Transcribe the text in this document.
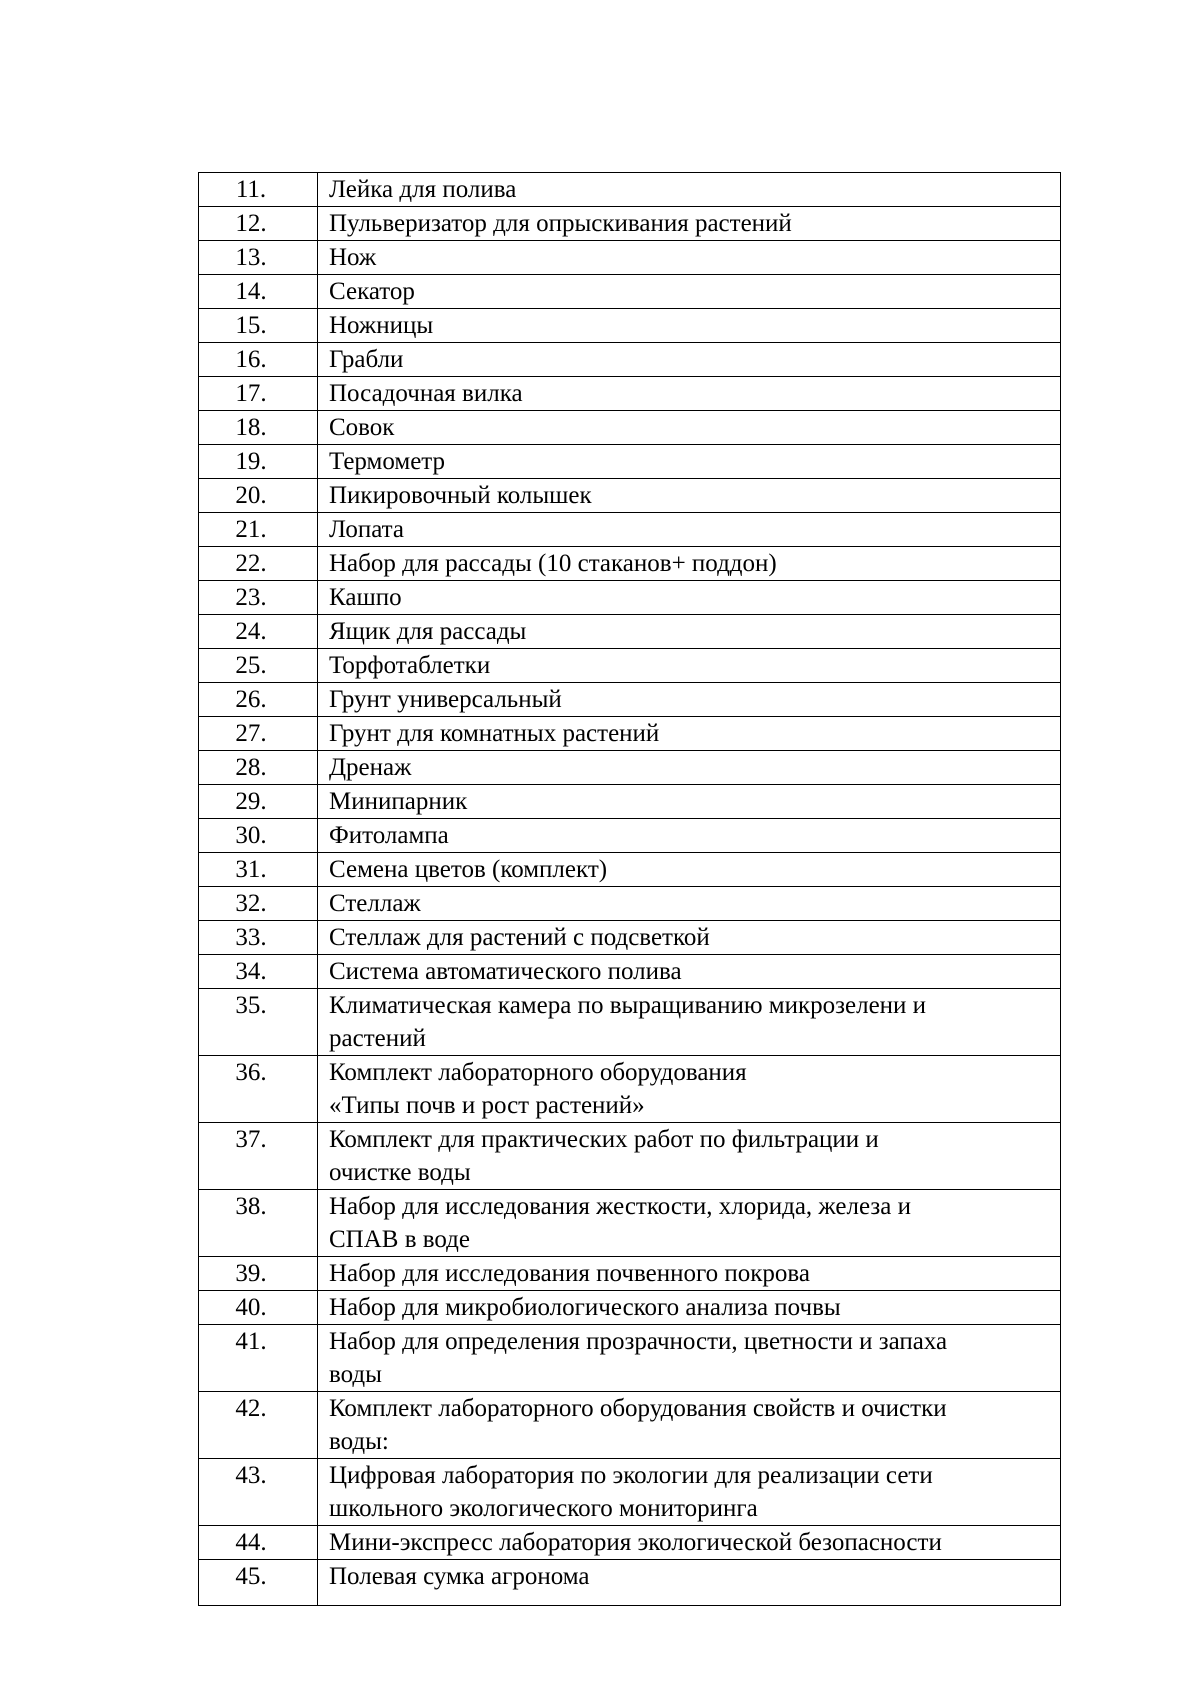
11.	Лейка для полива

12.	Пульверизатор для опрыскивания растений

13.	Нож

14.	Секатор

15.	Ножницы

16.	Грабли

17.	Посадочная вилка

18.	Совок

19.	Термометр

20.	Пикировочный колышек

21.	Лопата

22.	Набор для рассады (10 стаканов+ поддон)

23.	Кашпо

24.	Ящик для рассады

25.	Торфотаблетки

26.	Грунт универсальный

27.	Грунт для комнатных растений

28.	Дренаж

29.	Минипарник

30.	Фитолампа

31.	Семена цветов (комплект)

32.	Стеллаж

33.	Стеллаж для растений с подсветкой

34.	Система автоматического полива

35.	Климатическая камера по выращиванию микрозелени и
растений

36.	Комплект лабораторного оборудования
«Типы почв и рост растений»

37.	Комплект для практических работ по фильтрации и
очистке воды

38.	Набор для исследования жесткости, хлорида, железа и
СПАВ в воде

39.	Набор для исследования почвенного покрова

40.	Набор для микробиологического анализа почвы

41.	Набор для определения прозрачности, цветности и запаха
воды

42.	Комплект лабораторного оборудования свойств и очистки
воды:

43.	Цифровая лаборатория по экологии для реализации сети
школьного экологического мониторинга

44.	Мини-экспресс лаборатория экологической безопасности

45.	Полевая сумка агронома
